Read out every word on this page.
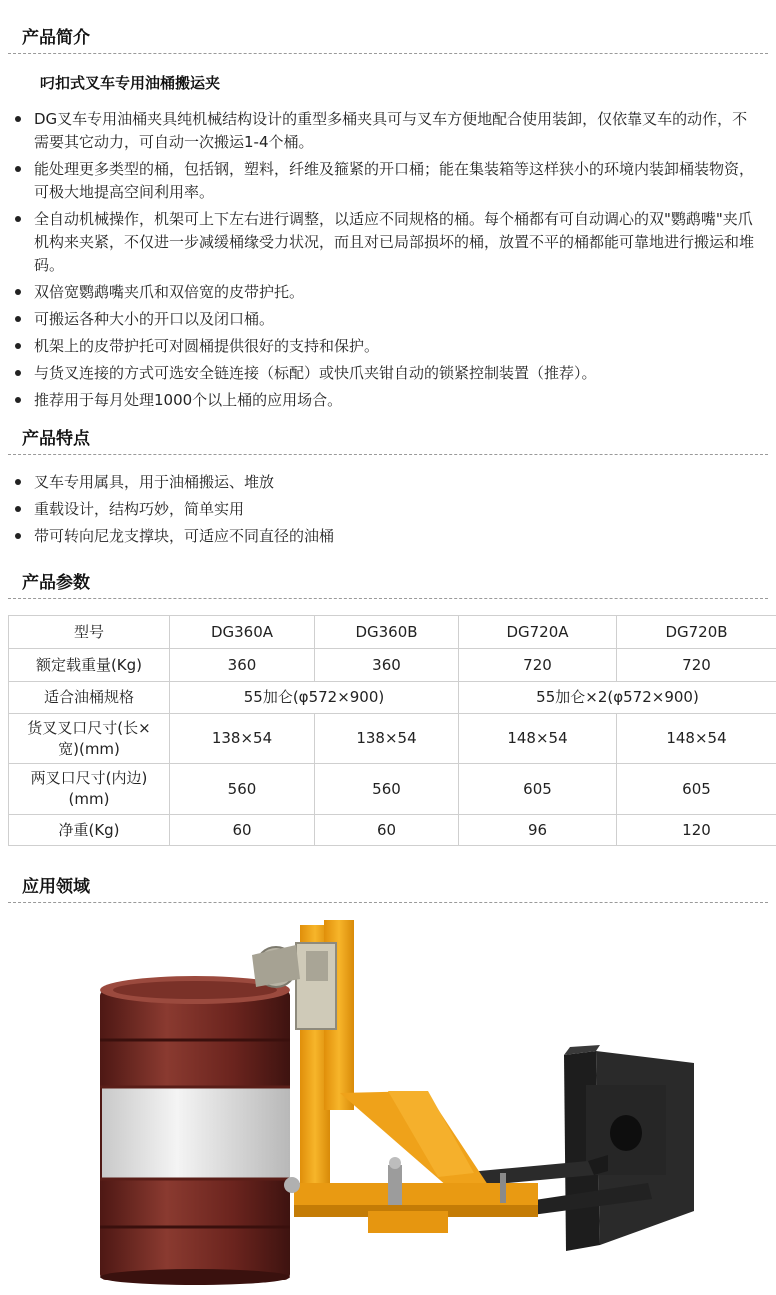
产品简介
叼扣式叉车专用油桶搬运夹
DG叉车专用油桶夹具纯机械结构设计的重型多桶夹具可与叉车方便地配合使用装卸，仅依靠叉车的动作，不需要其它动力，可自动一次搬运1-4个桶。
能处理更多类型的桶，包括钢，塑料，纤维及箍紧的开口桶；能在集装箱等这样狭小的环境内装卸桶装物资，可极大地提高空间利用率。
全自动机械操作，机架可上下左右进行调整，以适应不同规格的桶。每个桶都有可自动调心的双"鹦鹉嘴"夹爪机构来夹紧，不仅进一步减缓桶缘受力状况，而且对已局部损坏的桶，放置不平的桶都能可靠地进行搬运和堆码。
双倍宽鹦鹉嘴夹爪和双倍宽的皮带护托。
可搬运各种大小的开口以及闭口桶。
机架上的皮带护托可对圆桶提供很好的支持和保护。
与货叉连接的方式可选安全链连接（标配）或快爪夹钳自动的锁紧控制装置（推荐）。
推荐用于每月处理1000个以上桶的应用场合。
产品特点
叉车专用属具，用于油桶搬运、堆放
重载设计，结构巧妙，简单实用
带可转向尼龙支撑块，可适应不同直径的油桶
产品参数
型号	DG360A	DG360B	DG720A	DG720B
额定载重量(Kg)	360	360	720	720
适合油桶规格	55加仑(φ572×900)		55加仑×2(φ572×900)	
货叉叉口尺寸(长×宽)(mm)	138×54	138×54	148×54	148×54
两叉口尺寸(内边) (mm)	560	560	605	605
净重(Kg)	60	60	96	120
应用领域
